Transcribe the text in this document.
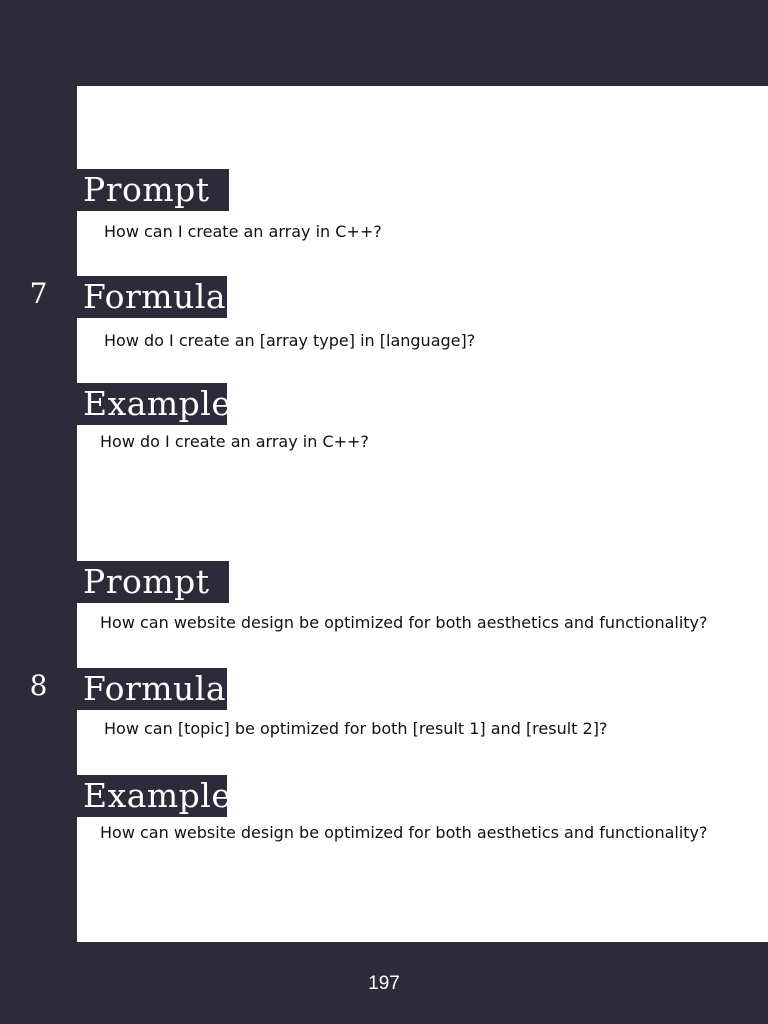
Prompt
How can I create an array in C++?
7	Formula
How do I create an [array type] in [language]?
Example
How do I create an array in C++?
Prompt
How can website design be optimized for both aesthetics and functionality?
8	Formula
How can [topic] be optimized for both [result 1] and [result 2]?
Example
How can website design be optimized for both aesthetics and functionality?
197
